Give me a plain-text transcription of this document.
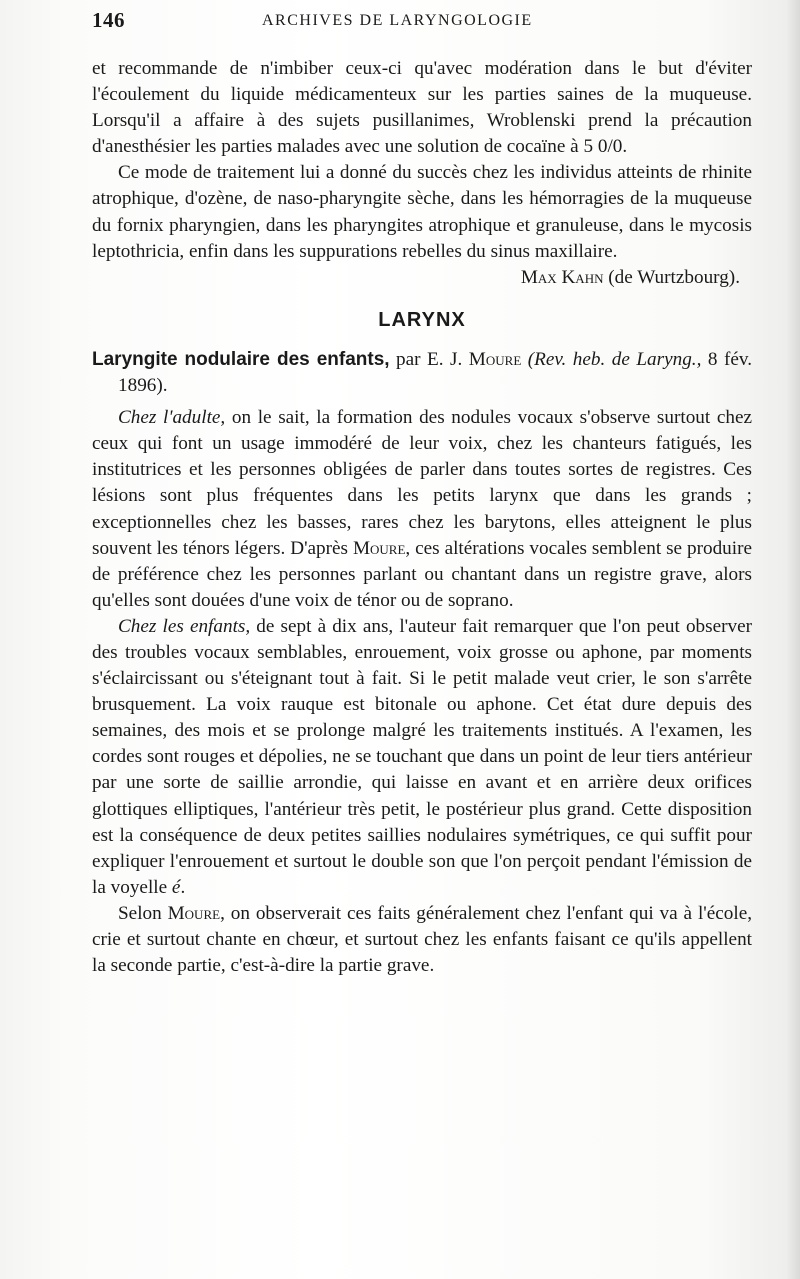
146	ARCHIVES DE LARYNGOLOGIE

et recommande de n'imbiber ceux-ci qu'avec modération dans le but d'éviter l'écoulement du liquide médicamenteux sur les parties saines de la muqueuse. Lorsqu'il a affaire à des sujets pusillanimes, Wroblenski prend la précaution d'anesthésier les parties malades avec une solution de cocaïne à 5 0/0.

Ce mode de traitement lui a donné du succès chez les individus atteints de rhinite atrophique, d'ozène, de naso-pharyngite sèche, dans les hémorragies de la muqueuse du fornix pharyngien, dans les pharyngites atrophique et granuleuse, dans le mycosis leptothricia, enfin dans les suppurations rebelles du sinus maxillaire.

Max Kahn (de Wurtzbourg).

LARYNX

Laryngite nodulaire des enfants, par E. J. Moure (Rev. heb. de Laryng., 8 fév. 1896).

Chez l'adulte, on le sait, la formation des nodules vocaux s'observe surtout chez ceux qui font un usage immodéré de leur voix, chez les chanteurs fatigués, les institutrices et les personnes obligées de parler dans toutes sortes de registres. Ces lésions sont plus fréquentes dans les petits larynx que dans les grands ; exceptionnelles chez les basses, rares chez les barytons, elles atteignent le plus souvent les ténors légers. D'après Moure, ces altérations vocales semblent se produire de préférence chez les personnes parlant ou chantant dans un registre grave, alors qu'elles sont douées d'une voix de ténor ou de soprano.

Chez les enfants, de sept à dix ans, l'auteur fait remarquer que l'on peut observer des troubles vocaux semblables, enrouement, voix grosse ou aphone, par moments s'éclaircissant ou s'éteignant tout à fait. Si le petit malade veut crier, le son s'arrête brusquement. La voix rauque est bitonale ou aphone. Cet état dure depuis des semaines, des mois et se prolonge malgré les traitements institués. A l'examen, les cordes sont rouges et dépolies, ne se touchant que dans un point de leur tiers antérieur par une sorte de saillie arrondie, qui laisse en avant et en arrière deux orifices glottiques elliptiques, l'antérieur très petit, le postérieur plus grand. Cette disposition est la conséquence de deux petites saillies nodulaires symétriques, ce qui suffit pour expliquer l'enrouement et surtout le double son que l'on perçoit pendant l'émission de la voyelle é.

Selon Moure, on observerait ces faits généralement chez l'enfant qui va à l'école, crie et surtout chante en chœur, et surtout chez les enfants faisant ce qu'ils appellent la seconde partie, c'est-à-dire la partie grave.
